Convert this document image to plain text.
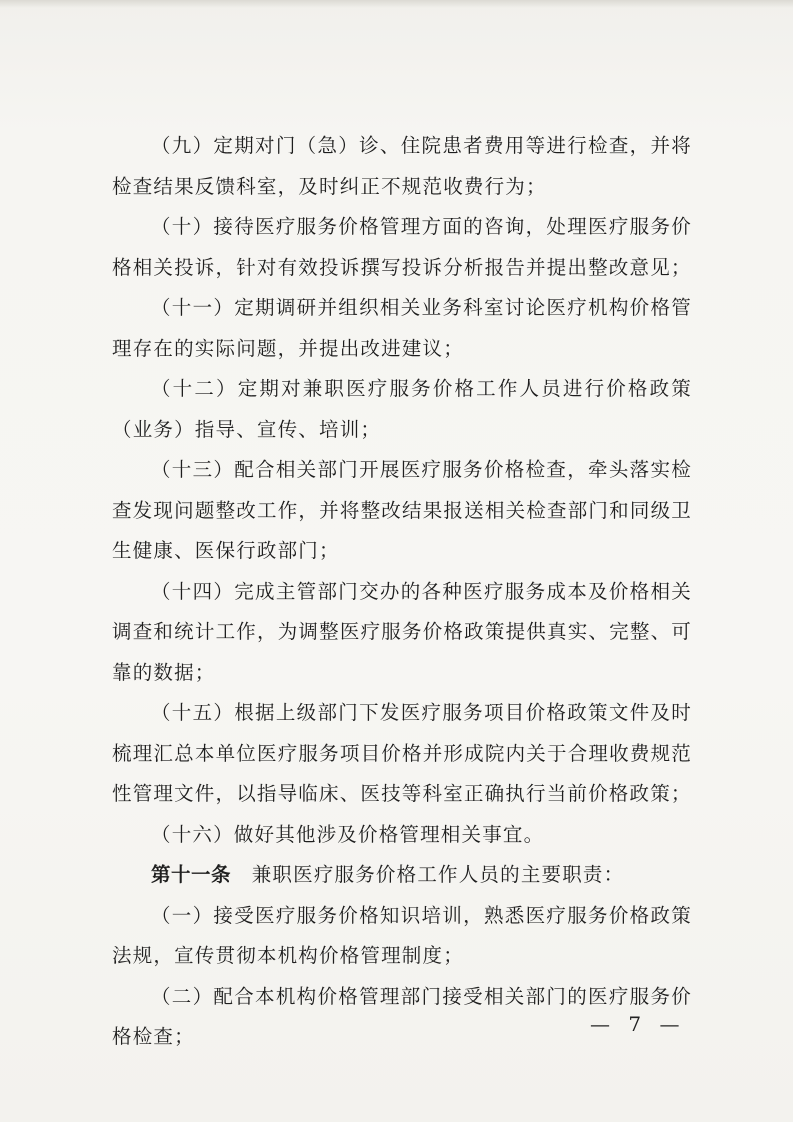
（九）定期对门（急）诊、住院患者费用等进行检查，并将检查结果反馈科室，及时纠正不规范收费行为；

（十）接待医疗服务价格管理方面的咨询，处理医疗服务价格相关投诉，针对有效投诉撰写投诉分析报告并提出整改意见；

（十一）定期调研并组织相关业务科室讨论医疗机构价格管理存在的实际问题，并提出改进建议；

（十二）定期对兼职医疗服务价格工作人员进行价格政策（业务）指导、宣传、培训；

（十三）配合相关部门开展医疗服务价格检查，牵头落实检查发现问题整改工作，并将整改结果报送相关检查部门和同级卫生健康、医保行政部门；

（十四）完成主管部门交办的各种医疗服务成本及价格相关调查和统计工作，为调整医疗服务价格政策提供真实、完整、可靠的数据；

（十五）根据上级部门下发医疗服务项目价格政策文件及时梳理汇总本单位医疗服务项目价格并形成院内关于合理收费规范性管理文件，以指导临床、医技等科室正确执行当前价格政策；

（十六）做好其他涉及价格管理相关事宜。

第十一条  兼职医疗服务价格工作人员的主要职责：

（一）接受医疗服务价格知识培训，熟悉医疗服务价格政策法规，宣传贯彻本机构价格管理制度；

（二）配合本机构价格管理部门接受相关部门的医疗服务价格检查；

— 7 —
